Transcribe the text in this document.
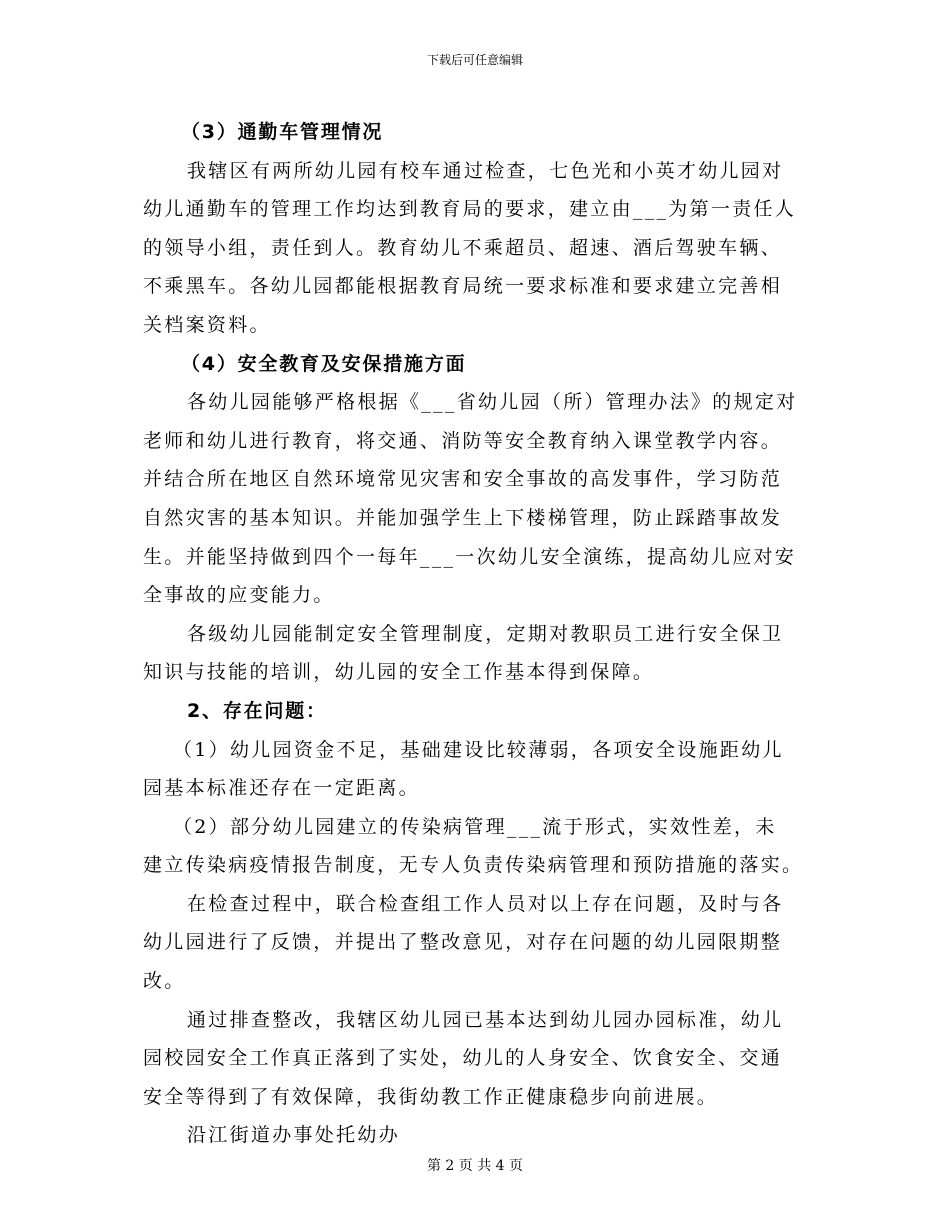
下载后可任意编辑
（3）通勤车管理情况
我辖区有两所幼儿园有校车通过检查，七色光和小英才幼儿园对
幼儿通勤车的管理工作均达到教育局的要求，建立由___为第一责任人
的领导小组，责任到人。教育幼儿不乘超员、超速、酒后驾驶车辆、
不乘黑车。各幼儿园都能根据教育局统一要求标准和要求建立完善相
关档案资料。
（4）安全教育及安保措施方面
各幼儿园能够严格根据《___省幼儿园（所）管理办法》的规定对
老师和幼儿进行教育，将交通、消防等安全教育纳入课堂教学内容。
并结合所在地区自然环境常见灾害和安全事故的高发事件，学习防范
自然灾害的基本知识。并能加强学生上下楼梯管理，防止踩踏事故发
生。并能坚持做到四个一每年___一次幼儿安全演练，提高幼儿应对安
全事故的应变能力。
各级幼儿园能制定安全管理制度，定期对教职员工进行安全保卫
知识与技能的培训，幼儿园的安全工作基本得到保障。
2、存在问题：
（1）幼儿园资金不足，基础建设比较薄弱，各项安全设施距幼儿
园基本标准还存在一定距离。
（2）部分幼儿园建立的传染病管理___流于形式，实效性差，未
建立传染病疫情报告制度，无专人负责传染病管理和预防措施的落实。
在检查过程中，联合检查组工作人员对以上存在问题，及时与各
幼儿园进行了反馈，并提出了整改意见，对存在问题的幼儿园限期整
改。
通过排查整改，我辖区幼儿园已基本达到幼儿园办园标准，幼儿
园校园安全工作真正落到了实处，幼儿的人身安全、饮食安全、交通
安全等得到了有效保障，我街幼教工作正健康稳步向前进展。
沿江街道办事处托幼办
第 2 页 共 4 页
